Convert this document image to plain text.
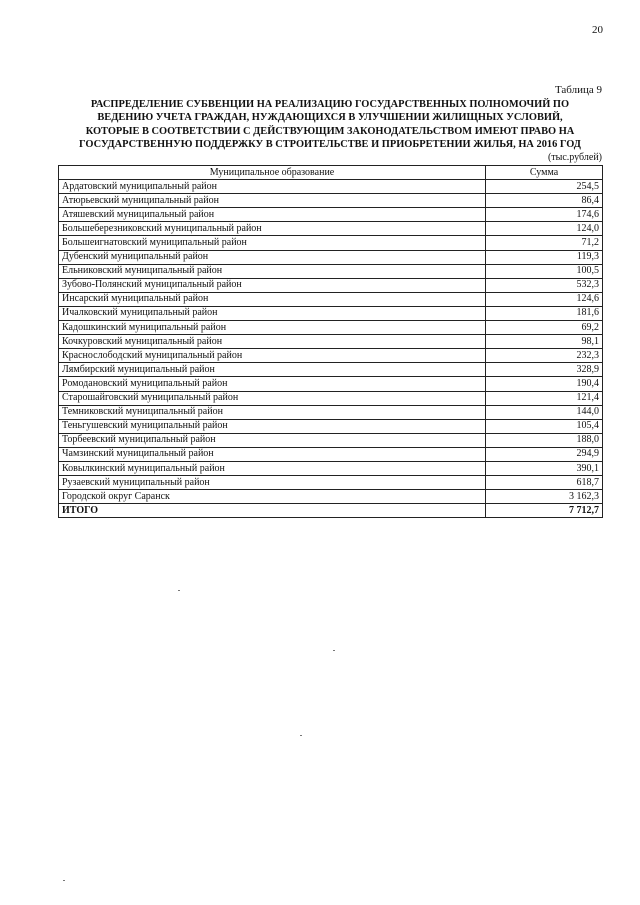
20
Таблица 9
РАСПРЕДЕЛЕНИЕ СУБВЕНЦИИ НА РЕАЛИЗАЦИЮ ГОСУДАРСТВЕННЫХ ПОЛНОМОЧИЙ ПО
ВЕДЕНИЮ УЧЕТА ГРАЖДАН, НУЖДАЮЩИХСЯ В УЛУЧШЕНИИ ЖИЛИЩНЫХ УСЛОВИЙ,
КОТОРЫЕ В СООТВЕТСТВИИ С ДЕЙСТВУЮЩИМ ЗАКОНОДАТЕЛЬСТВОМ ИМЕЮТ ПРАВО НА
ГОСУДАРСТВЕННУЮ ПОДДЕРЖКУ В СТРОИТЕЛЬСТВЕ И ПРИОБРЕТЕНИИ ЖИЛЬЯ, НА 2016 ГОД
(тыс.рублей)
Муниципальное образование	Сумма
Ардатовский муниципальный район	254,5
Атюрьевский муниципальный район	86,4
Атяшевский муниципальный район	174,6
Большеберезниковский муниципальный район	124,0
Большеигнатовский муниципальный район	71,2
Дубенский муниципальный район	119,3
Ельниковский муниципальный район	100,5
Зубово-Полянский муниципальный район	532,3
Инсарский муниципальный район	124,6
Ичалковский муниципальный район	181,6
Кадошкинский муниципальный район	69,2
Кочкуровский муниципальный район	98,1
Краснослободский муниципальный район	232,3
Лямбирский муниципальный район	328,9
Ромодановский муниципальный район	190,4
Старошайговский муниципальный район	121,4
Темниковский муниципальный район	144,0
Теньгушевский муниципальный район	105,4
Торбеевский муниципальный район	188,0
Чамзинский муниципальный район	294,9
Ковылкинский муниципальный район	390,1
Рузаевский муниципальный район	618,7
Городской округ Саранск	3 162,3
ИТОГО	7 712,7
